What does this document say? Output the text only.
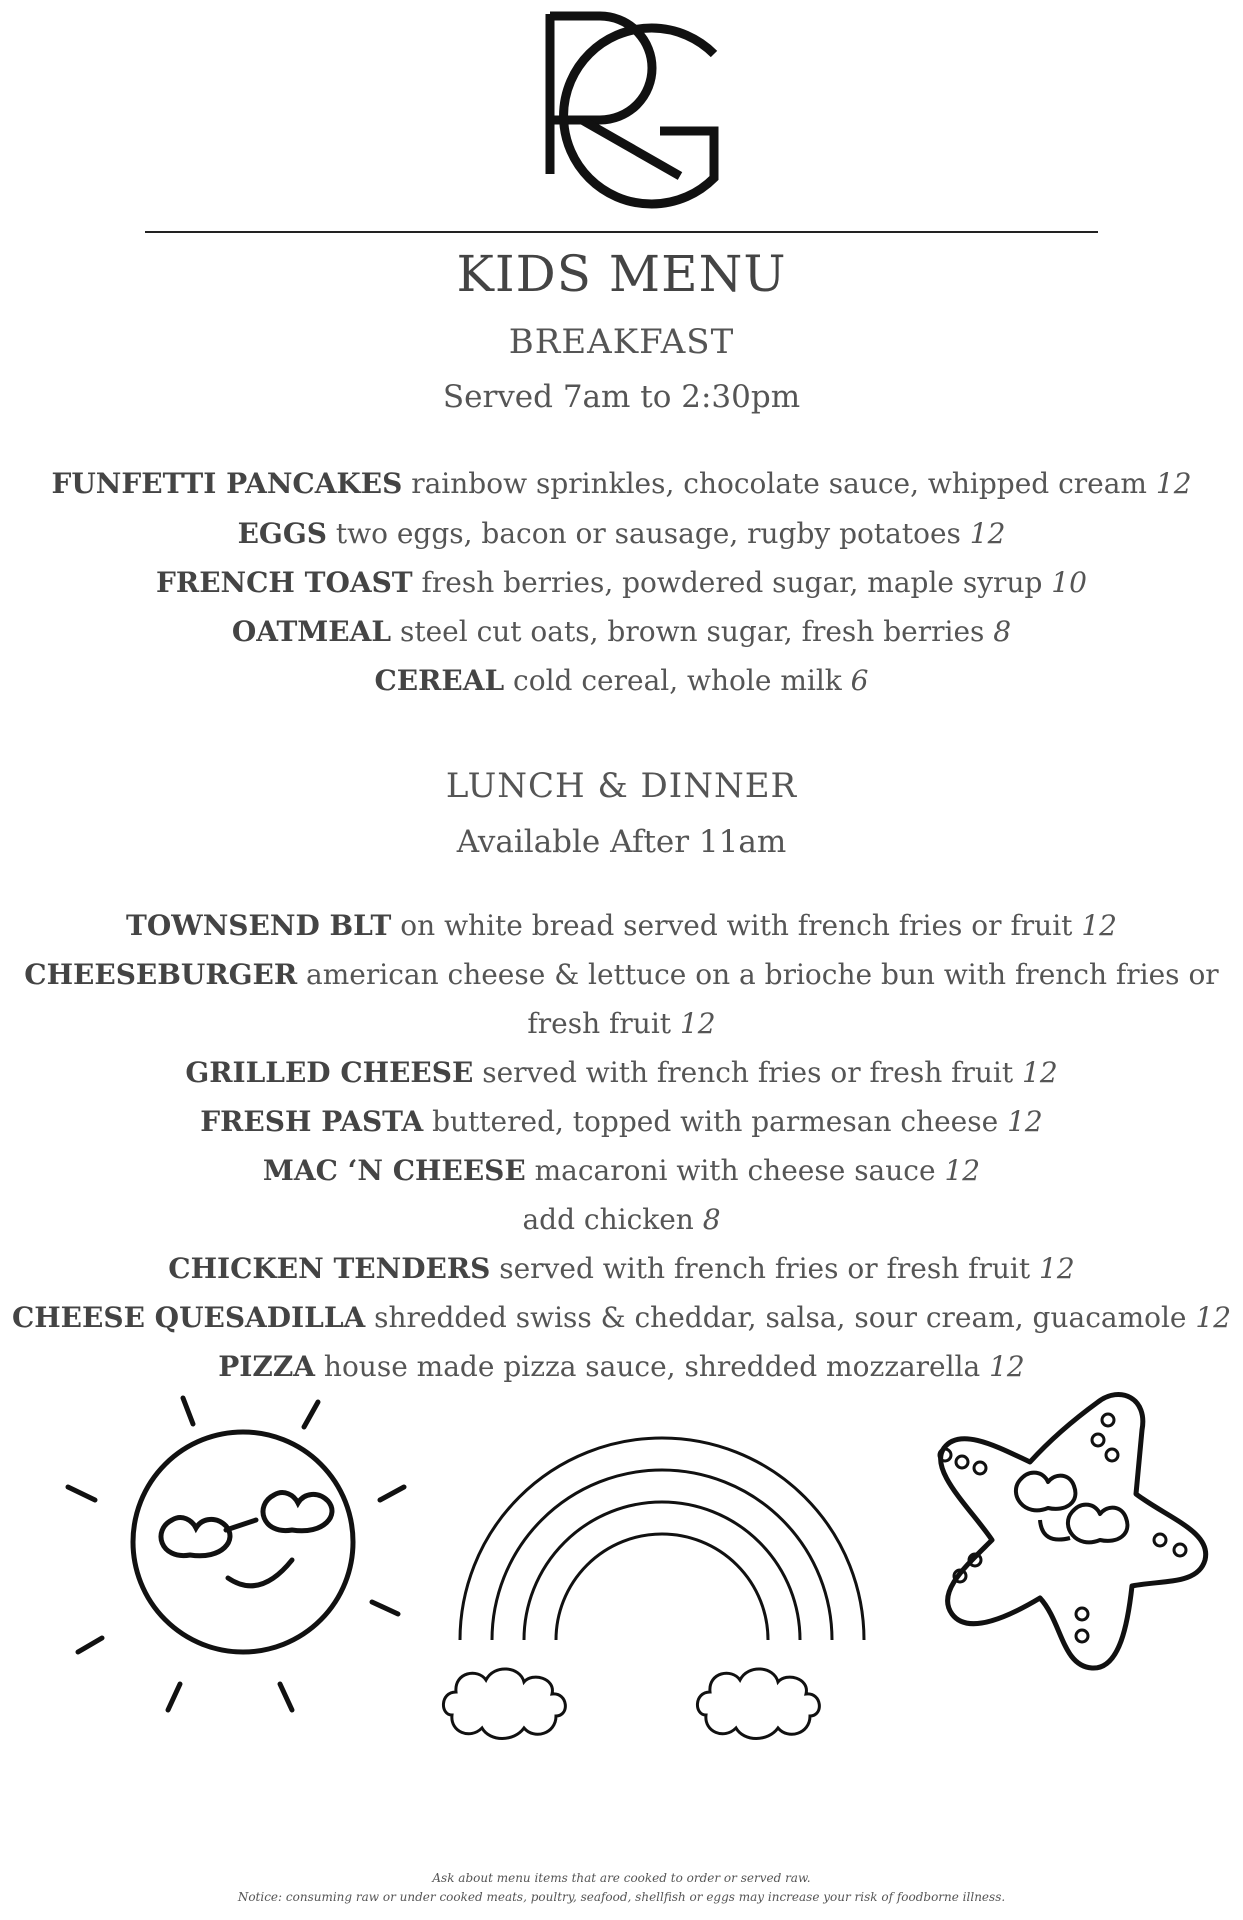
KIDS MENU
BREAKFAST
Served 7am to 2:30pm
FUNFETTI PANCAKES rainbow sprinkles, chocolate sauce, whipped cream 12
EGGS two eggs, bacon or sausage, rugby potatoes 12
FRENCH TOAST fresh berries, powdered sugar, maple syrup 10
OATMEAL steel cut oats, brown sugar, fresh berries 8
CEREAL cold cereal, whole milk 6
LUNCH & DINNER
Available After 11am
TOWNSEND BLT on white bread served with french fries or fruit 12
CHEESEBURGER american cheese & lettuce on a brioche bun with french fries or
fresh fruit 12
GRILLED CHEESE served with french fries or fresh fruit 12
FRESH PASTA buttered, topped with parmesan cheese 12
MAC ‘N CHEESE macaroni with cheese sauce 12
add chicken 8
CHICKEN TENDERS served with french fries or fresh fruit 12
CHEESE QUESADILLA shredded swiss & cheddar, salsa, sour cream, guacamole 12
PIZZA house made pizza sauce, shredded mozzarella 12
Ask about menu items that are cooked to order or served raw.
Notice: consuming raw or under cooked meats, poultry, seafood, shellfish or eggs may increase your risk of foodborne illness.
